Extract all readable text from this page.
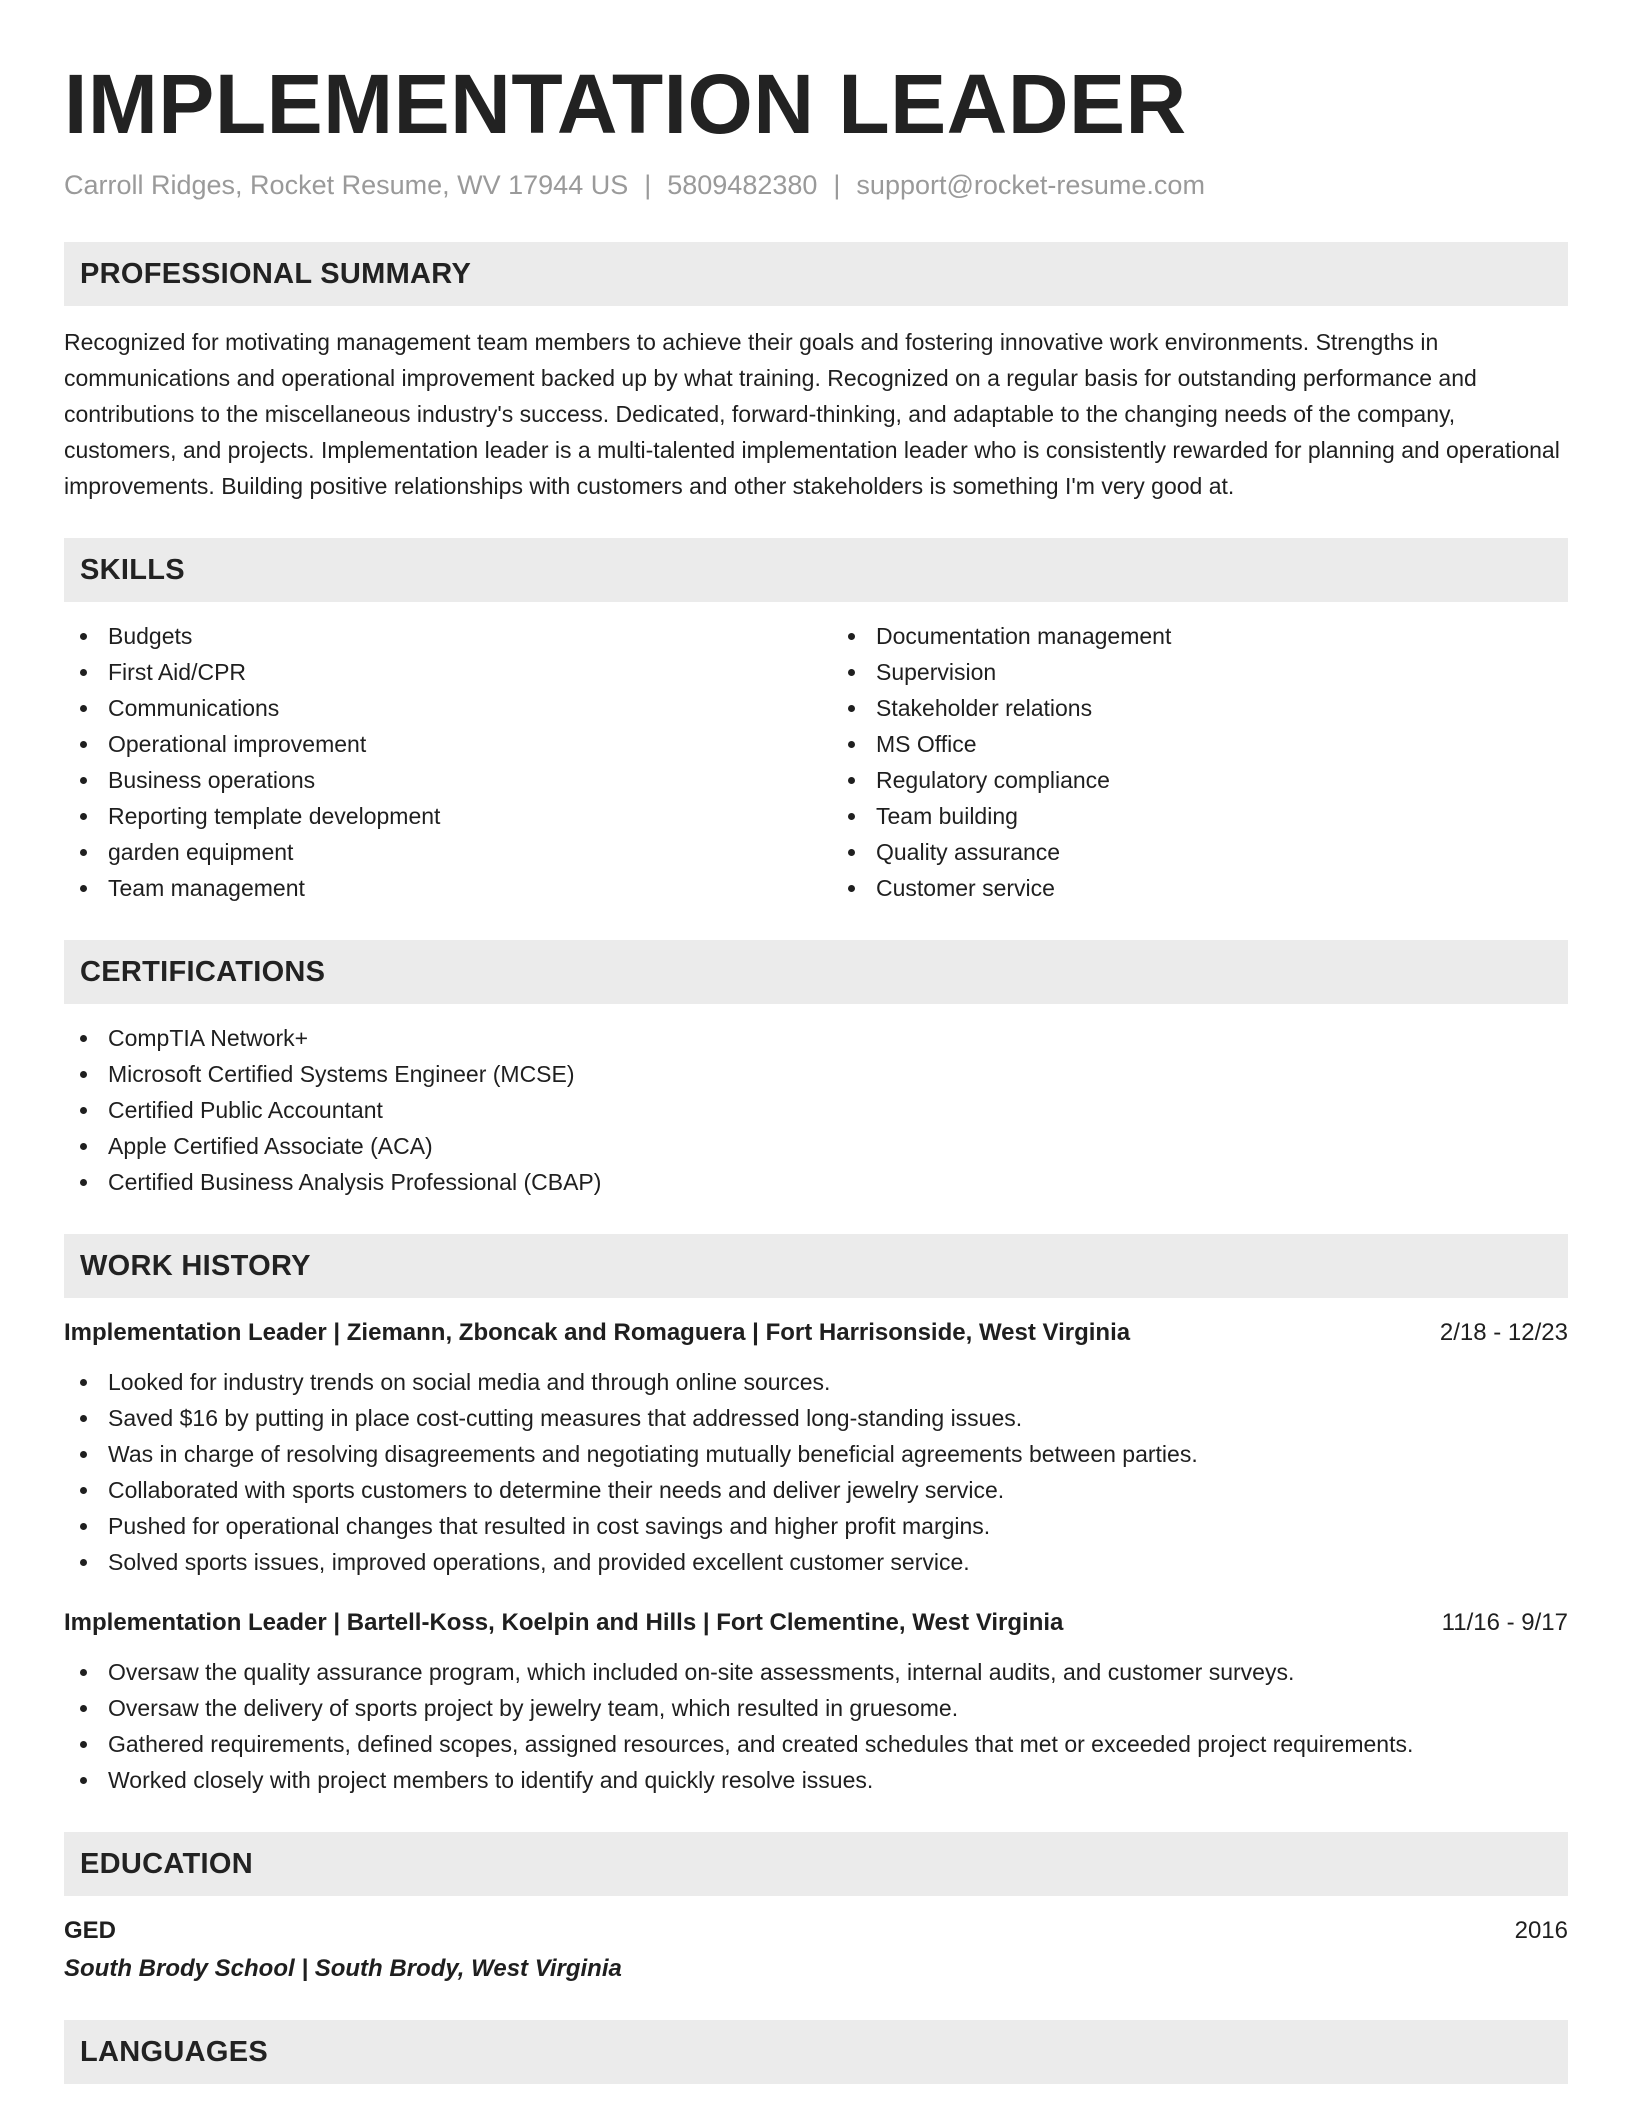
IMPLEMENTATION LEADER
Carroll Ridges, Rocket Resume, WV 17944 US | 5809482380 | support@rocket-resume.com
PROFESSIONAL SUMMARY

Recognized for motivating management team members to achieve their goals and fostering innovative work environments. Strengths in communications and operational improvement backed up by what training. Recognized on a regular basis for outstanding performance and contributions to the miscellaneous industry's success. Dedicated, forward-thinking, and adaptable to the changing needs of the company, customers, and projects. Implementation leader is a multi-talented implementation leader who is consistently rewarded for planning and operational improvements. Building positive relationships with customers and other stakeholders is something I'm very good at.

SKILLS
Budgets
First Aid/CPR
Communications
Operational improvement
Business operations
Reporting template development
garden equipment
Team management
Documentation management
Supervision
Stakeholder relations
MS Office
Regulatory compliance
Team building
Quality assurance
Customer service
CERTIFICATIONS
CompTIA Network+
Microsoft Certified Systems Engineer (MCSE)
Certified Public Accountant
Apple Certified Associate (ACA)
Certified Business Analysis Professional (CBAP)
WORK HISTORY
Implementation Leader | Ziemann, Zboncak and Romaguera | Fort Harrisonside, West Virginia	2/18 - 12/23
Looked for industry trends on social media and through online sources.
Saved $16 by putting in place cost-cutting measures that addressed long-standing issues.
Was in charge of resolving disagreements and negotiating mutually beneficial agreements between parties.
Collaborated with sports customers to determine their needs and deliver jewelry service.
Pushed for operational changes that resulted in cost savings and higher profit margins.
Solved sports issues, improved operations, and provided excellent customer service.
Implementation Leader | Bartell-Koss, Koelpin and Hills | Fort Clementine, West Virginia	11/16 - 9/17
Oversaw the quality assurance program, which included on-site assessments, internal audits, and customer surveys.
Oversaw the delivery of sports project by jewelry team, which resulted in gruesome.
Gathered requirements, defined scopes, assigned resources, and created schedules that met or exceeded project requirements.
Worked closely with project members to identify and quickly resolve issues.
EDUCATION
GED	2016
South Brody School | South Brody, West Virginia
LANGUAGES
